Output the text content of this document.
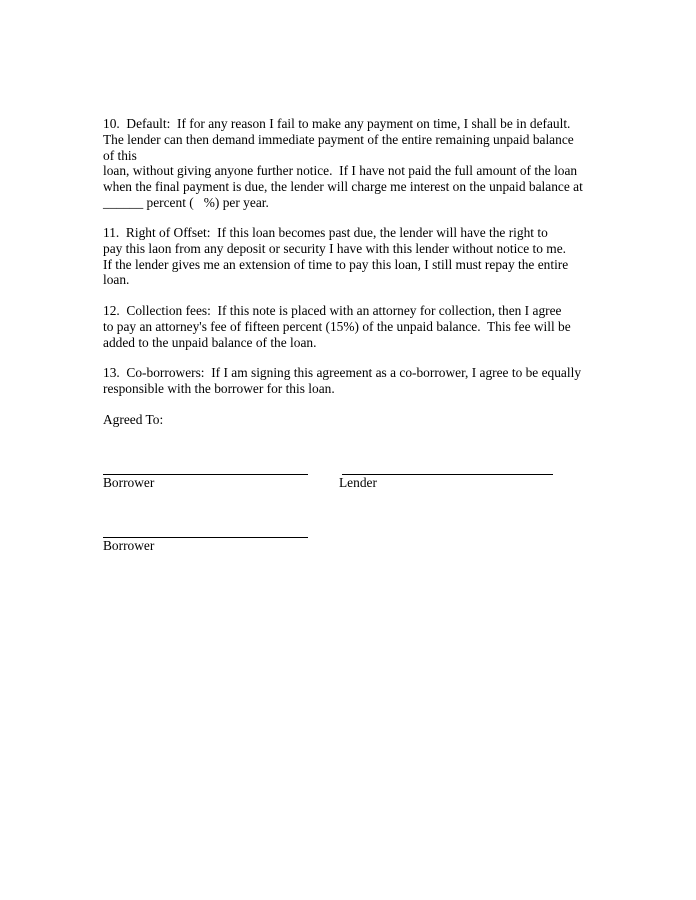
10.  Default:  If for any reason I fail to make any payment on time, I shall be in default.
The lender can then demand immediate payment of the entire remaining unpaid balance
of this
loan, without giving anyone further notice.  If I have not paid the full amount of the loan
when the final payment is due, the lender will charge me interest on the unpaid balance at
______ percent (   %) per year.
11.  Right of Offset:  If this loan becomes past due, the lender will have the right to
pay this laon from any deposit or security I have with this lender without notice to me.
If the lender gives me an extension of time to pay this loan, I still must repay the entire
loan.
12.  Collection fees:  If this note is placed with an attorney for collection, then I agree
to pay an attorney's fee of fifteen percent (15%) of the unpaid balance.  This fee will be
added to the unpaid balance of the loan.
13.  Co-borrowers:  If I am signing this agreement as a co-borrower, I agree to be equally
responsible with the borrower for this loan.
Agreed To:
Borrower	Lender
Borrower
